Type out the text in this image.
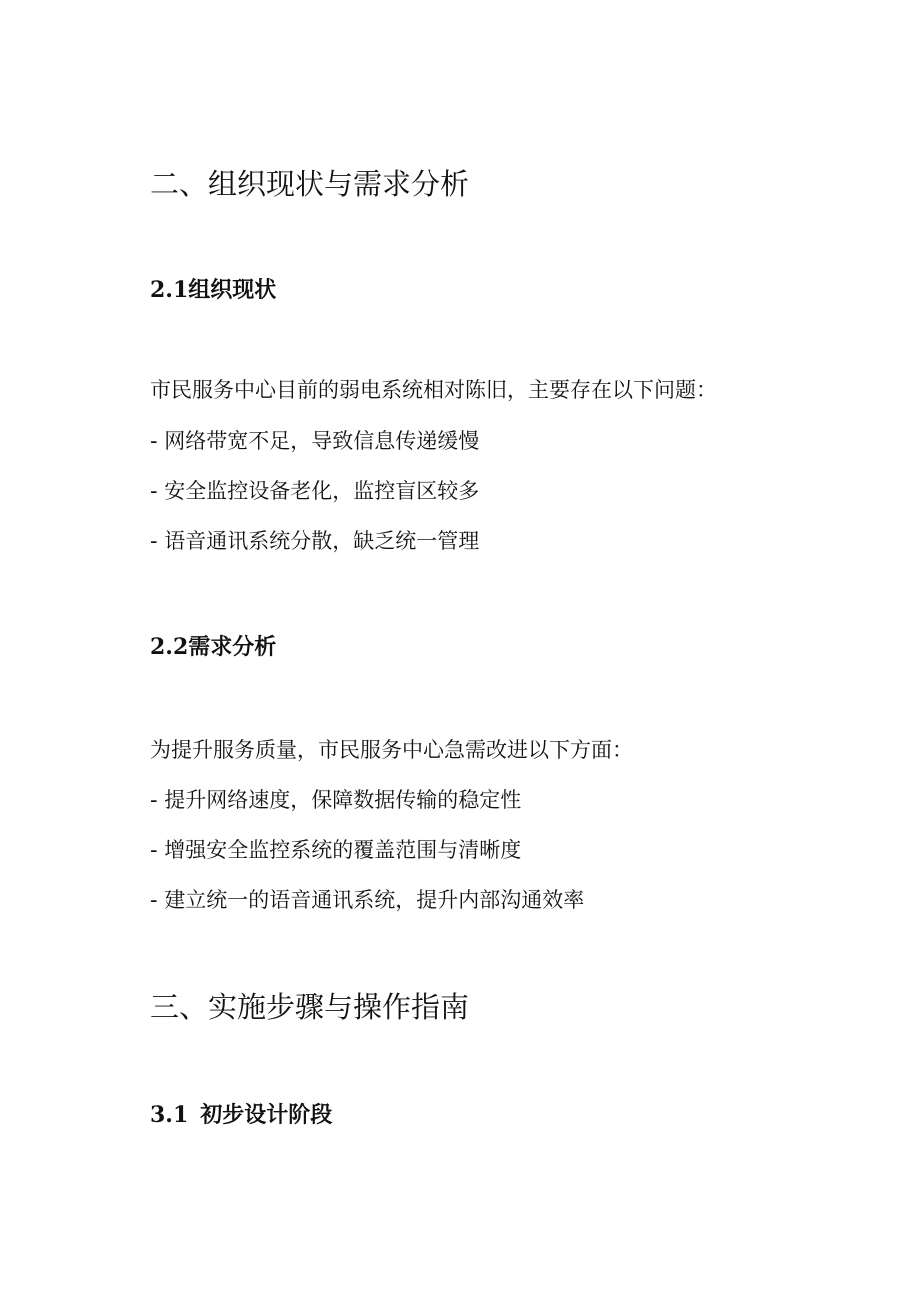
二、组织现状与需求分析
2.1组织现状

市民服务中心目前的弱电系统相对陈旧，主要存在以下问题：

- 网络带宽不足，导致信息传递缓慢

- 安全监控设备老化，监控盲区较多

- 语音通讯系统分散，缺乏统一管理

2.2需求分析

为提升服务质量，市民服务中心急需改进以下方面：

- 提升网络速度，保障数据传输的稳定性

- 增强安全监控系统的覆盖范围与清晰度

- 建立统一的语音通讯系统，提升内部沟通效率

三、实施步骤与操作指南
3.1 初步设计阶段
